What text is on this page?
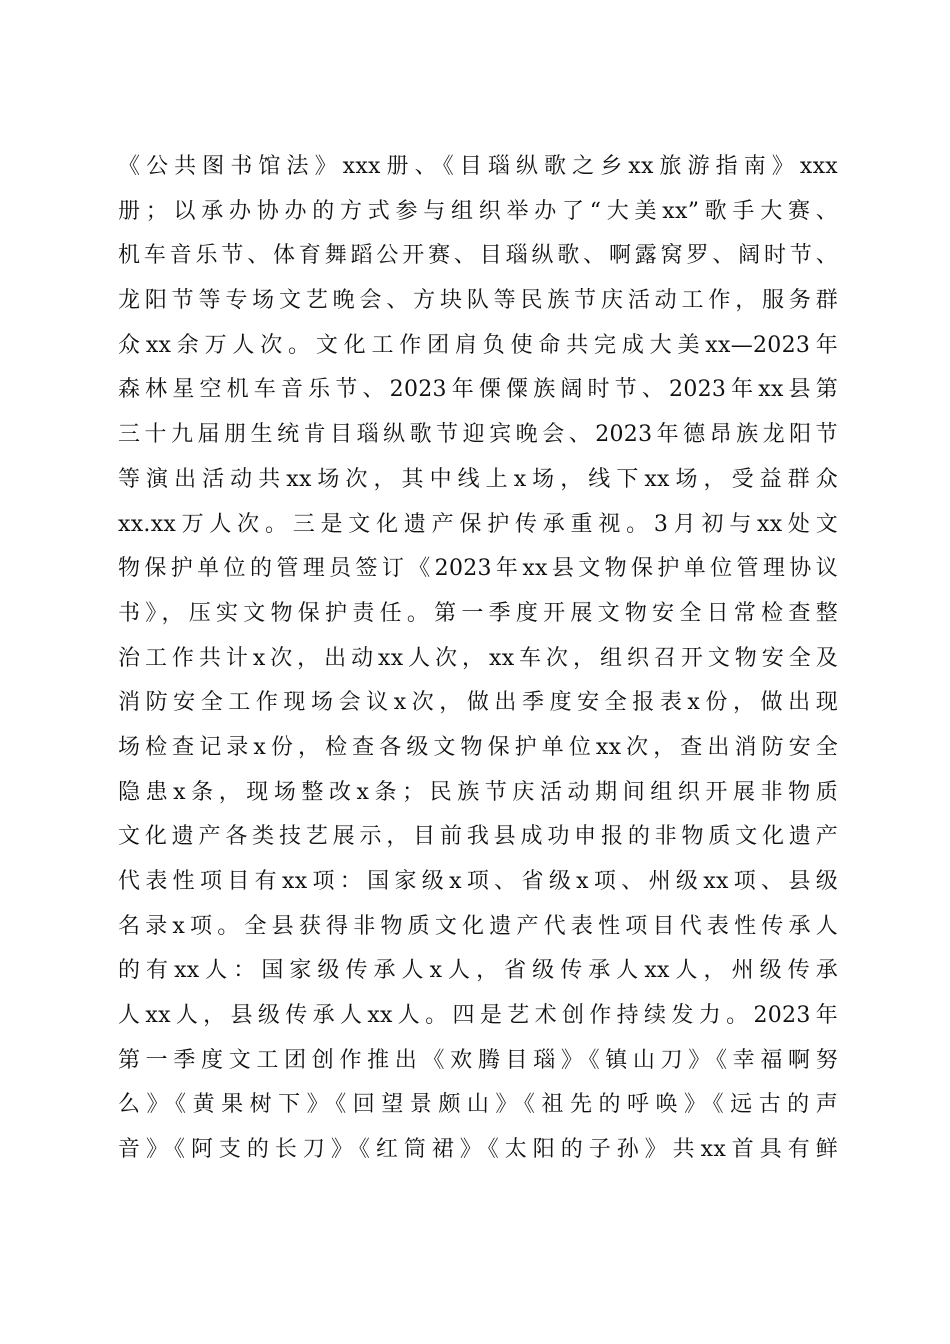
《公共图书馆法》xxx册、《目瑙纵歌之乡xx旅游指南》xxx
册；以承办协办的方式参与组织举办了“大美xx”歌手大赛、
机车音乐节、体育舞蹈公开赛、目瑙纵歌、啊露窝罗、阔时节、
龙阳节等专场文艺晚会、方块队等民族节庆活动工作，服务群
众xx余万人次。文化工作团肩负使命共完成大美xx—2023年
森林星空机车音乐节、2023年傈僳族阔时节、2023年xx县第
三十九届朋生统肯目瑙纵歌节迎宾晚会、2023年德昂族龙阳节
等演出活动共xx场次，其中线上x场，线下xx场，受益群众
xx.xx万人次。三是文化遗产保护传承重视。3月初与xx处文
物保护单位的管理员签订《2023年xx县文物保护单位管理协议
书》，压实文物保护责任。第一季度开展文物安全日常检查整
治工作共计x次，出动xx人次，xx车次，组织召开文物安全及
消防安全工作现场会议x次，做出季度安全报表x份，做出现
场检查记录x份，检查各级文物保护单位xx次，查出消防安全
隐患x条，现场整改x条；民族节庆活动期间组织开展非物质
文化遗产各类技艺展示，目前我县成功申报的非物质文化遗产
代表性项目有xx项：国家级x项、省级x项、州级xx项、县级
名录x项。全县获得非物质文化遗产代表性项目代表性传承人
的有xx人：国家级传承人x人，省级传承人xx人，州级传承
人xx人，县级传承人xx人。四是艺术创作持续发力。2023年
第一季度文工团创作推出《欢腾目瑙》《镇山刀》《幸福啊努
么》《黄果树下》《回望景颇山》《祖先的呼唤》《远古的声
音》《阿支的长刀》《红筒裙》《太阳的子孙》共xx首具有鲜
